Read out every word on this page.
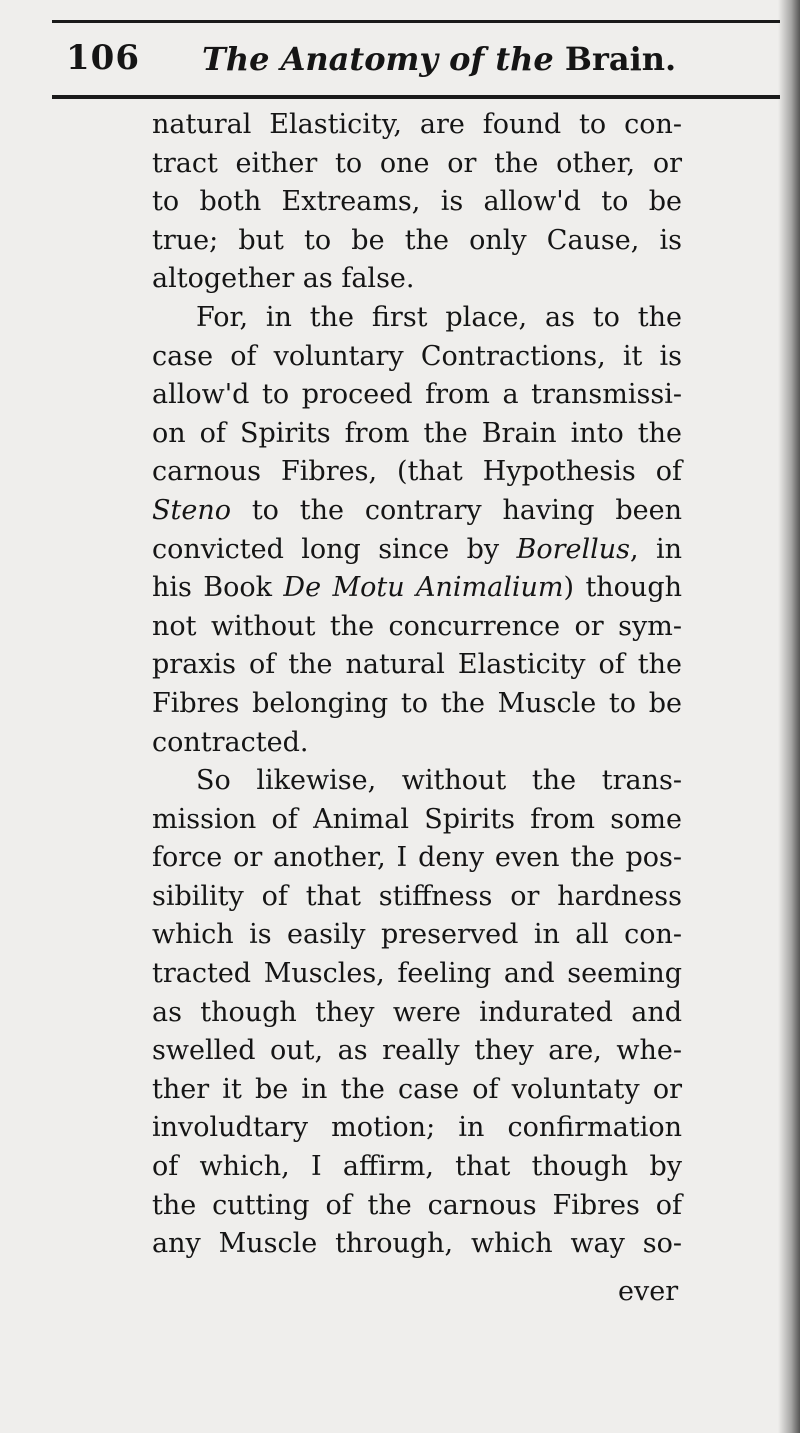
106 The Anatomy of the Brain.
natural Elasticity, are found to con-
tract either to one or the other, or
to both Extreams, is allow'd to be
true; but to be the only Cause, is
altogether as false.
For, in the first place, as to the
case of voluntary Contractions, it is
allow'd to proceed from a transmissi-
on of Spirits from the Brain into the
carnous Fibres, (that Hypothesis of
Steno to the contrary having been
convicted long since by Borellus, in
his Book De Motu Animalium) though
not without the concurrence or sym-
praxis of the natural Elasticity of the
Fibres belonging to the Muscle to be
contracted.
So likewise, without the trans-
mission of Animal Spirits from some
force or another, I deny even the pos-
sibility of that stiffness or hardness
which is easily preserved in all con-
tracted Muscles, feeling and seeming
as though they were indurated and
swelled out, as really they are, whe-
ther it be in the case of voluntaty or
involudtary motion; in confirmation
of which, I affirm, that though by
the cutting of the carnous Fibres of
any Muscle through, which way so-
ever
